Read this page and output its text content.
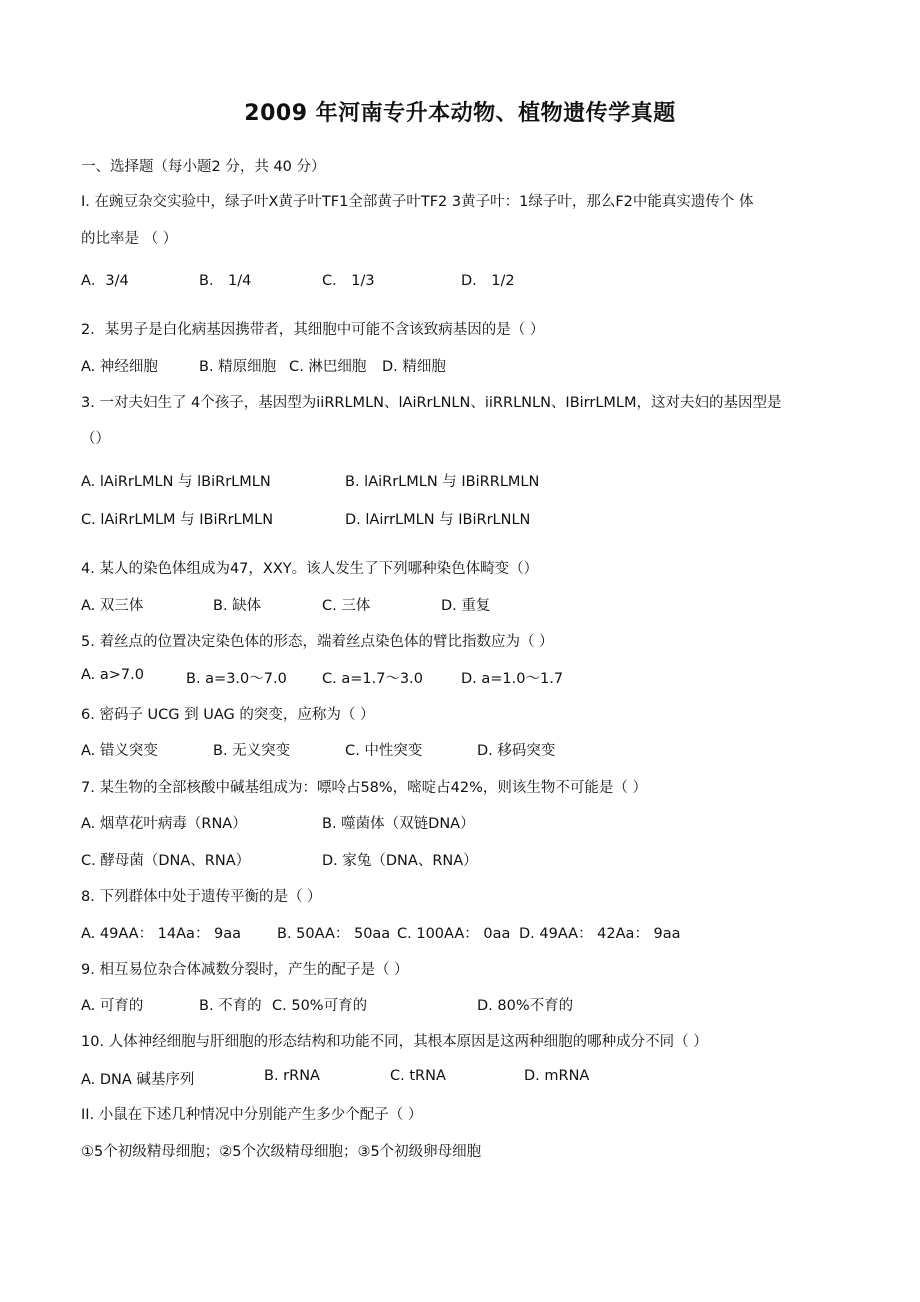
2009 年河南专升本动物、植物遗传学真题
一、选择题（每小题2 分，共 40 分）
I. 在豌豆杂交实验中，绿子叶X黄子叶TF1全部黄子叶TF2 3黄子叶：1绿子叶，那么F2中能真实遗传个 体
的比率是 （ ）
A．3/4	B． 1/4	C． 1/3	D． 1/2
2．某男子是白化病基因携带者，其细胞中可能不含该致病基因的是（ ）
A. 神经细胞	B. 精原细胞 C. 淋巴细胞 D. 精细胞
3. 一对夫妇生了 4个孩子，基因型为iiRRLMLN、lAiRrLNLN、iiRRLNLN、IBirrLMLM，这对夫妇的基因型是
（）
A. lAiRrLMLN 与 lBiRrLMLN	B. lAiRrLMLN 与 IBiRRLMLN
C. lAiRrLMLM 与 IBiRrLMLN	D. lAirrLMLN 与 IBiRrLNLN
4. 某人的染色体组成为47，XXY。该人发生了下列哪种染色体畸变（）
A. 双三体	B. 缺体	C. 三体	D. 重复
5. 着丝点的位置决定染色体的形态，端着丝点染色体的臂比指数应为（ ）
A. a>7.0	B. a=3.0～7.0 C. a=1.7～3.0	D. a=1.0～1.7
6. 密码子 UCG 到 UAG 的突变，应称为（ ）
A. 错义突变	B. 无义突变	C. 中性突变	D. 移码突变
7. 某生物的全部核酸中碱基组成为：嘌呤占58%，嘧啶占42%，则该生物不可能是（ ）
A. 烟草花叶病毒（RNA）	B. 噬菌体（双链DNA）
C. 酵母菌（DNA、RNA）	D. 家兔（DNA、RNA）
8. 下列群体中处于遗传平衡的是（ ）
A. 49AA： 14Aa： 9aa B. 50AA： 50aa C. 100AA： 0aa D. 49AA： 42Aa： 9aa
9. 相互易位杂合体减数分裂时，产生的配子是（ ）
A. 可育的	B. 不育的 C. 50%可育的	D. 80%不育的
10. 人体神经细胞与肝细胞的形态结构和功能不同，其根本原因是这两种细胞的哪种成分不同（ ）
A. DNA 碱基序列	B. rRNA	C. tRNA	D. mRNA
II. 小鼠在下述几种情况中分别能产生多少个配子（ ）
①5个初级精母细胞；②5个次级精母细胞；③5个初级卵母细胞
